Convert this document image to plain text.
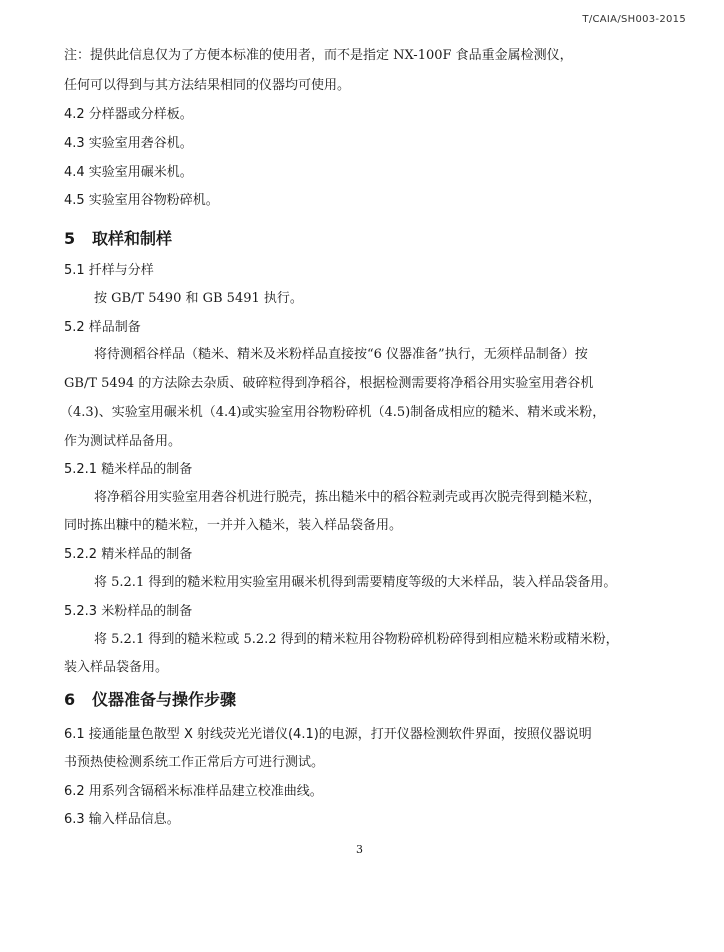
T/CAIA/SH003-2015
注：提供此信息仅为了方便本标准的使用者，而不是指定 NX-100F 食品重金属检测仪，
任何可以得到与其方法结果相同的仪器均可使用。
4.2 分样器或分样板。
4.3 实验室用砻谷机。
4.4 实验室用碾米机。
4.5 实验室用谷物粉碎机。
5 取样和制样
5.1 扦样与分样
按 GB/T 5490 和 GB 5491 执行。
5.2 样品制备
将待测稻谷样品（糙米、精米及米粉样品直接按“6 仪器准备”执行，无须样品制备）按
GB/T 5494 的方法除去杂质、破碎粒得到净稻谷，根据检测需要将净稻谷用实验室用砻谷机
（4.3)、实验室用碾米机（4.4)或实验室用谷物粉碎机（4.5)制备成相应的糙米、精米或米粉，
作为测试样品备用。
5.2.1 糙米样品的制备
将净稻谷用实验室用砻谷机进行脱壳，拣出糙米中的稻谷粒剥壳或再次脱壳得到糙米粒，
同时拣出糠中的糙米粒，一并并入糙米，装入样品袋备用。
5.2.2 精米样品的制备
将 5.2.1 得到的糙米粒用实验室用碾米机得到需要精度等级的大米样品，装入样品袋备用。
5.2.3 米粉样品的制备
将 5.2.1 得到的糙米粒或 5.2.2 得到的精米粒用谷物粉碎机粉碎得到相应糙米粉或精米粉，
装入样品袋备用。
6 仪器准备与操作步骤
6.1 接通能量色散型 X 射线荧光光谱仪(4.1)的电源，打开仪器检测软件界面，按照仪器说明
书预热使检测系统工作正常后方可进行测试。
6.2 用系列含镉稻米标准样品建立校准曲线。
6.3 输入样品信息。
3
